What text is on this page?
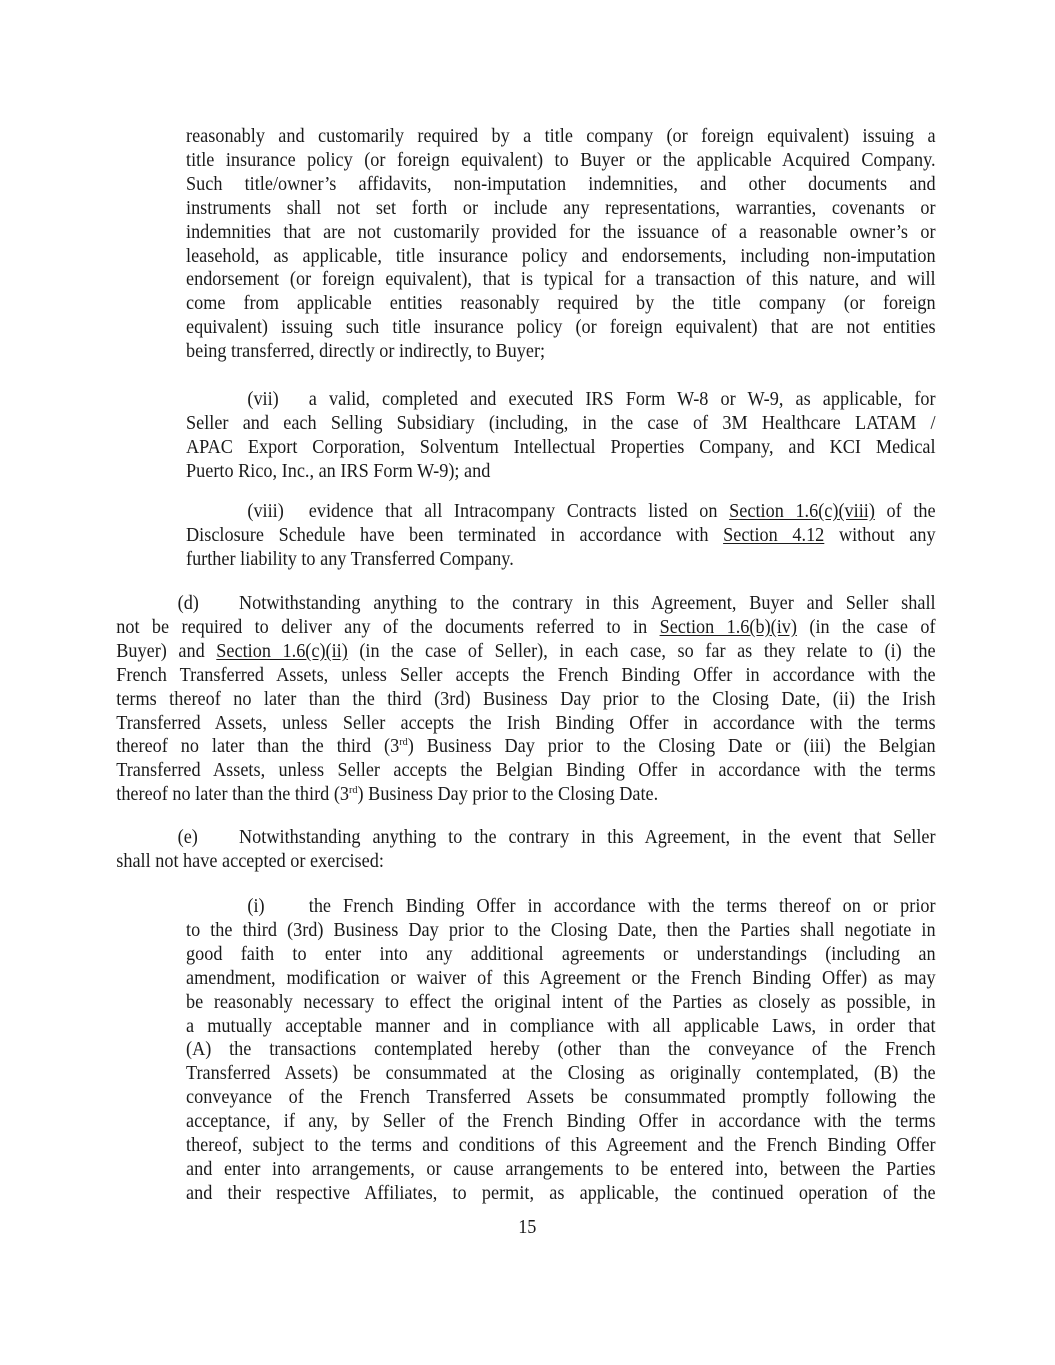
reasonably and customarily required by a title company (or foreign equivalent) issuing a
title insurance policy (or foreign equivalent) to Buyer or the applicable Acquired Company.
Such title/owner’s affidavits, non-imputation indemnities, and other documents and
instruments shall not set forth or include any representations, warranties, covenants or
indemnities that are not customarily provided for the issuance of a reasonable owner’s or
leasehold, as applicable, title insurance policy and endorsements, including non-imputation
endorsement (or foreign equivalent), that is typical for a transaction of this nature, and will
come from applicable entities reasonably required by the title company (or foreign
equivalent) issuing such title insurance policy (or foreign equivalent) that are not entities
being transferred, directly or indirectly, to Buyer;
(vii) a valid, completed and executed IRS Form W-8 or W-9, as applicable, for
Seller and each Selling Subsidiary (including, in the case of 3M Healthcare LATAM /
APAC Export Corporation, Solventum Intellectual Properties Company, and KCI Medical
Puerto Rico, Inc., an IRS Form W-9); and
(viii) evidence that all Intracompany Contracts listed on Section 1.6(c)(viii) of the
Disclosure Schedule have been terminated in accordance with Section 4.12 without any
further liability to any Transferred Company.
(d) Notwithstanding anything to the contrary in this Agreement, Buyer and Seller shall
not be required to deliver any of the documents referred to in Section 1.6(b)(iv) (in the case of
Buyer) and Section 1.6(c)(ii) (in the case of Seller), in each case, so far as they relate to (i) the
French Transferred Assets, unless Seller accepts the French Binding Offer in accordance with the
terms thereof no later than the third (3rd) Business Day prior to the Closing Date, (ii) the Irish
Transferred Assets, unless Seller accepts the Irish Binding Offer in accordance with the terms
thereof no later than the third (3rd) Business Day prior to the Closing Date or (iii) the Belgian
Transferred Assets, unless Seller accepts the Belgian Binding Offer in accordance with the terms
thereof no later than the third (3rd) Business Day prior to the Closing Date.
(e) Notwithstanding anything to the contrary in this Agreement, in the event that Seller
shall not have accepted or exercised:
(i) the French Binding Offer in accordance with the terms thereof on or prior
to the third (3rd) Business Day prior to the Closing Date, then the Parties shall negotiate in
good faith to enter into any additional agreements or understandings (including an
amendment, modification or waiver of this Agreement or the French Binding Offer) as may
be reasonably necessary to effect the original intent of the Parties as closely as possible, in
a mutually acceptable manner and in compliance with all applicable Laws, in order that
(A) the transactions contemplated hereby (other than the conveyance of the French
Transferred Assets) be consummated at the Closing as originally contemplated, (B) the
conveyance of the French Transferred Assets be consummated promptly following the
acceptance, if any, by Seller of the French Binding Offer in accordance with the terms
thereof, subject to the terms and conditions of this Agreement and the French Binding Offer
and enter into arrangements, or cause arrangements to be entered into, between the Parties
and their respective Affiliates, to permit, as applicable, the continued operation of the
15
